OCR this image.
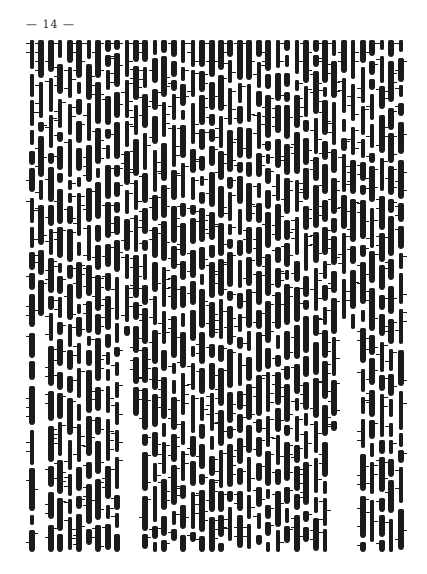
— 14 —
